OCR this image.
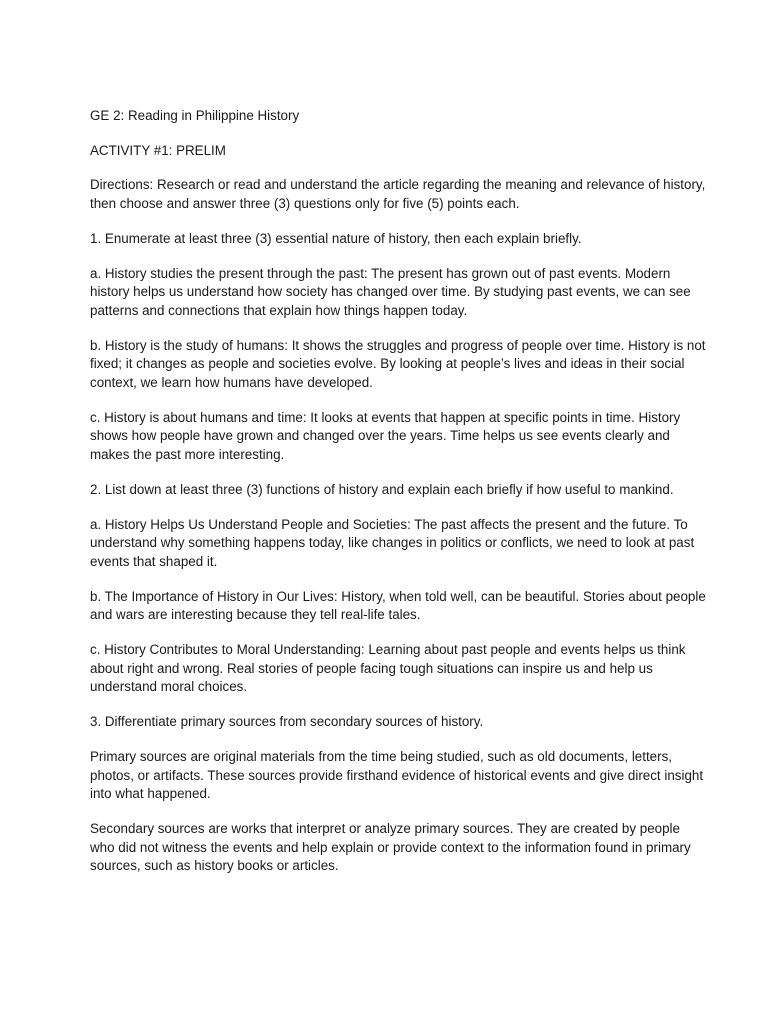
GE 2: Reading in Philippine History

ACTIVITY #1: PRELIM

Directions: Research or read and understand the article regarding the meaning and relevance of history, then choose and answer three (3) questions only for five (5) points each.

1. Enumerate at least three (3) essential nature of history, then each explain briefly.

a. History studies the present through the past: The present has grown out of past events. Modern history helps us understand how society has changed over time. By studying past events, we can see patterns and connections that explain how things happen today.

b. History is the study of humans: It shows the struggles and progress of people over time. History is not fixed; it changes as people and societies evolve. By looking at people’s lives and ideas in their social context, we learn how humans have developed.

c. History is about humans and time: It looks at events that happen at specific points in time. History shows how people have grown and changed over the years. Time helps us see events clearly and makes the past more interesting.

2. List down at least three (3) functions of history and explain each briefly if how useful to mankind.

a. History Helps Us Understand People and Societies: The past affects the present and the future. To understand why something happens today, like changes in politics or conflicts, we need to look at past events that shaped it.

b. The Importance of History in Our Lives: History, when told well, can be beautiful. Stories about people and wars are interesting because they tell real-life tales.

c. History Contributes to Moral Understanding: Learning about past people and events helps us think about right and wrong. Real stories of people facing tough situations can inspire us and help us understand moral choices.

3. Differentiate primary sources from secondary sources of history.

Primary sources are original materials from the time being studied, such as old documents, letters, photos, or artifacts. These sources provide firsthand evidence of historical events and give direct insight into what happened.

Secondary sources are works that interpret or analyze primary sources. They are created by people who did not witness the events and help explain or provide context to the information found in primary sources, such as history books or articles.
